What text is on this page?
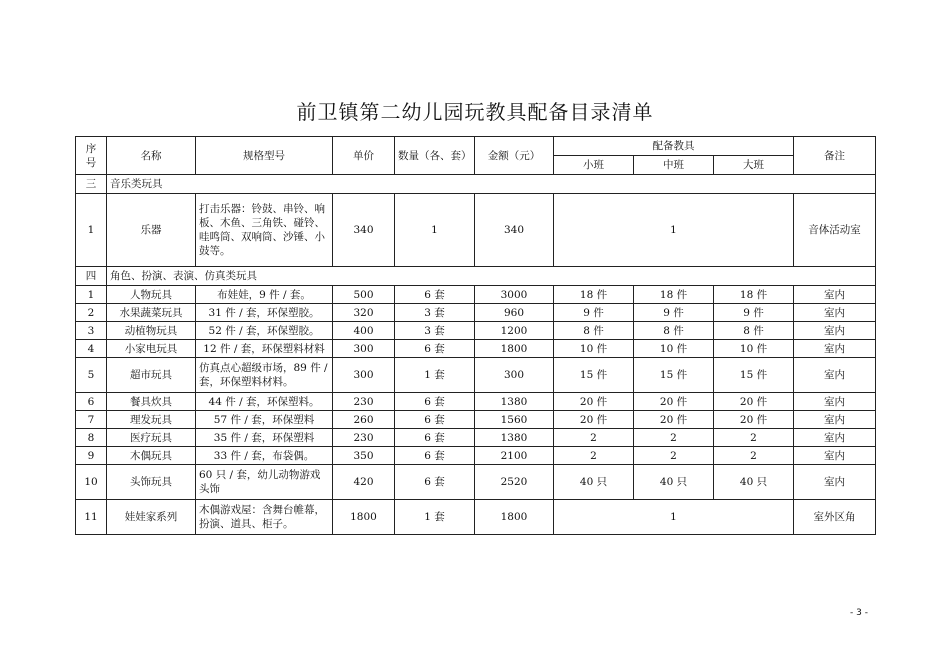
前卫镇第二幼儿园玩教具配备目录清单
序号	名称	规格型号	单价	数量（各、套）	金额（元）	配备教具			备注
						小班	中班	大班	
三	音乐类玩具								
1	乐器	打击乐器：铃鼓、串铃、响板、木鱼、三角铁、碰铃、哇鸣筒、双响筒、沙锤、小鼓等。	340	1	340	1			音体活动室
四	角色、扮演、表演、仿真类玩具								
1	人物玩具	布娃娃，9 件 / 套。	500	6 套	3000	18 件	18 件	18 件	室内
2	水果蔬菜玩具	31 件 / 套，环保塑胶。	320	3 套	960	9 件	9 件	9 件	室内
3	动植物玩具	52 件 / 套，环保塑胶。	400	3 套	1200	8 件	8 件	8 件	室内
4	小家电玩具	12 件 / 套，环保塑料材料	300	6 套	1800	10 件	10 件	10 件	室内
5	超市玩具	仿真点心超级市场，89 件 / 套，环保塑料材料。	300	1 套	300	15 件	15 件	15 件	室内
6	餐具炊具	44 件 / 套，环保塑料。	230	6 套	1380	20 件	20 件	20 件	室内
7	理发玩具	57 件 / 套，环保塑料	260	6 套	1560	20 件	20 件	20 件	室内
8	医疗玩具	35 件 / 套，环保塑料	230	6 套	1380	2	2	2	室内
9	木偶玩具	33 件 / 套，布袋偶。	350	6 套	2100	2	2	2	室内
10	头饰玩具	60 只 / 套，幼儿动物游戏头饰	420	6 套	2520	40 只	40 只	40 只	室内
11	娃娃家系列	木偶游戏屋：含舞台帷幕，扮演、道具、柜子。	1800	1 套	1800	1			室外区角
- 3 -
